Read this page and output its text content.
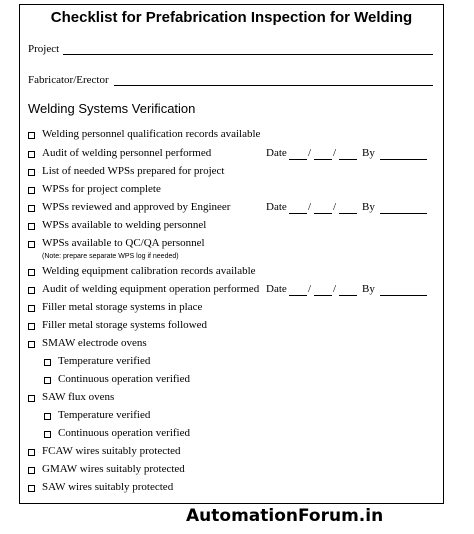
Checklist for Prefabrication Inspection for Welding
Project
Fabricator/Erector
Welding Systems Verification
Welding personnel qualification records available
Audit of welding personnel performed	Date / / By
List of needed WPSs prepared for project
WPSs for project complete
WPSs reviewed and approved by Engineer	Date / / By
WPSs available to welding personnel
WPSs available to QC/QA personnel
(Note: prepare separate WPS log if needed)
Welding equipment calibration records available
Audit of welding equipment operation performed Date / / By
Filler metal storage systems in place
Filler metal storage systems followed
SMAW electrode ovens
Temperature verified
Continuous operation verified
SAW flux ovens
Temperature verified
Continuous operation verified
FCAW wires suitably protected
GMAW wires suitably protected
SAW wires suitably protected
AutomationForum.in
